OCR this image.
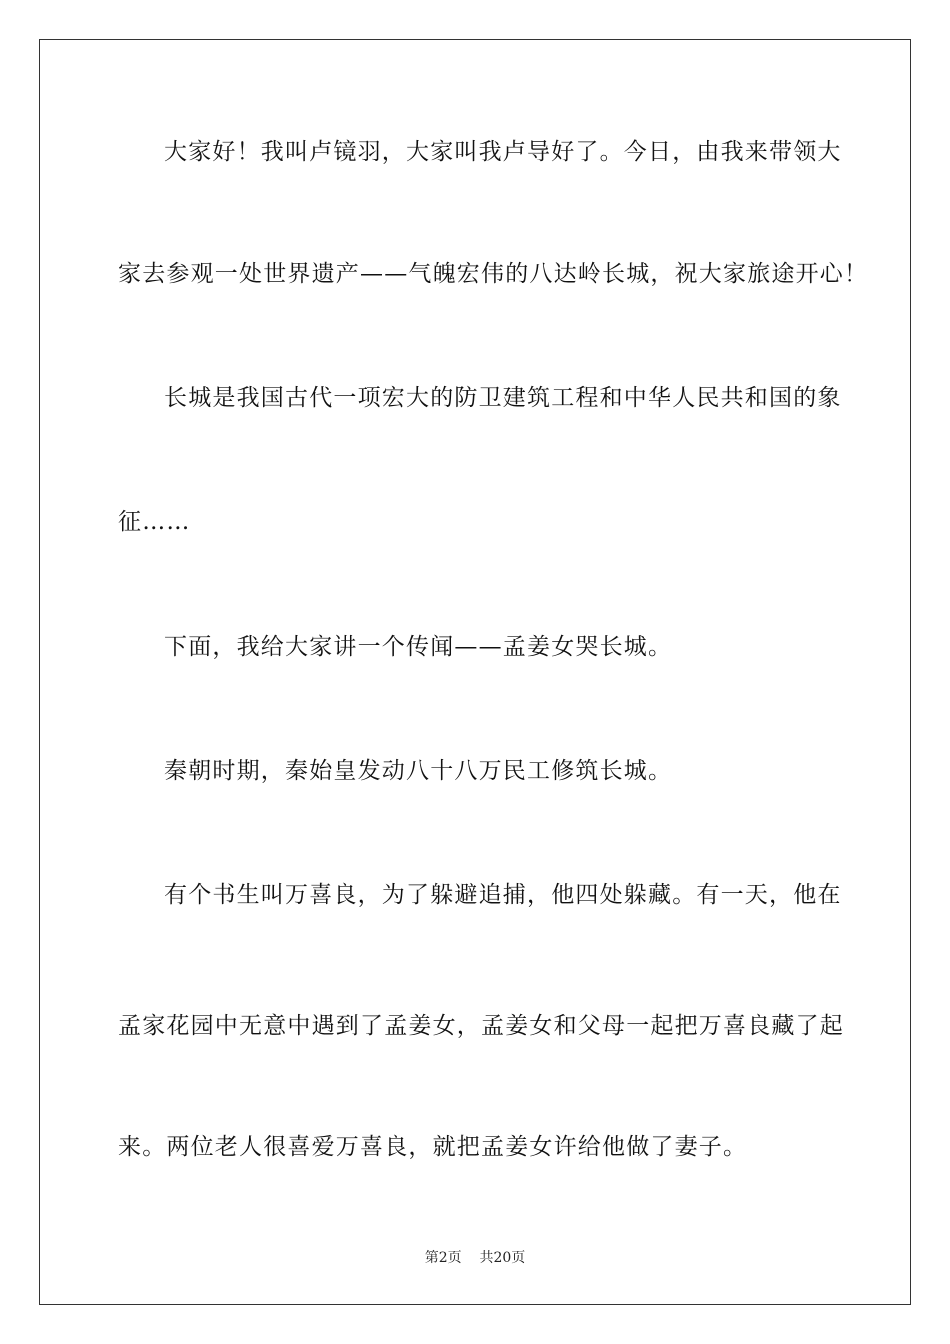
大家好！我叫卢镜羽，大家叫我卢导好了。今日，由我来带领大
家去参观一处世界遗产——气魄宏伟的八达岭长城，祝大家旅途开心！
长城是我国古代一项宏大的防卫建筑工程和中华人民共和国的象
征……
下面，我给大家讲一个传闻——孟姜女哭长城。
秦朝时期，秦始皇发动八十八万民工修筑长城。
有个书生叫万喜良，为了躲避追捕，他四处躲藏。有一天，他在
孟家花园中无意中遇到了孟姜女，孟姜女和父母一起把万喜良藏了起
来。两位老人很喜爱万喜良，就把孟姜女许给他做了妻子。
第2页 共20页
